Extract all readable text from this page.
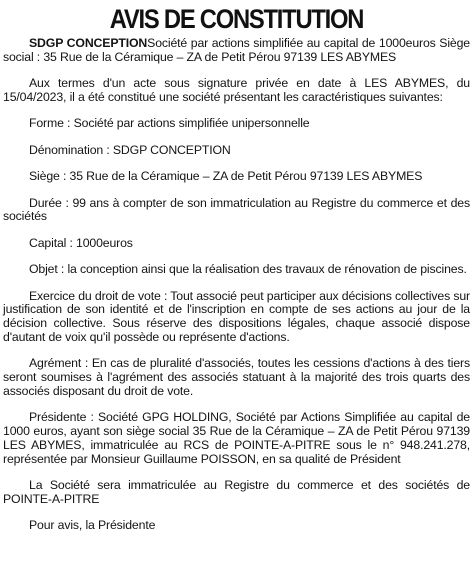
AVIS DE CONSTITUTION

SDGP CONCEPTIONSociété par actions simplifiée au capital de 1000euros Siège social : 35 Rue de la Céramique – ZA de Petit Pérou 97139 LES ABYMES

Aux termes d'un acte sous signature privée en date à LES ABYMES, du 15/04/2023, il a été constitué une société présentant les caractéristiques suivantes:

Forme : Société par actions simplifiée unipersonnelle

Dénomination : SDGP CONCEPTION

Siège : 35 Rue de la Céramique – ZA de Petit Pérou 97139 LES ABYMES

Durée : 99 ans à compter de son immatriculation au Registre du commerce et des sociétés

Capital : 1000euros

Objet : la conception ainsi que la réalisation des travaux de rénovation de piscines.

Exercice du droit de vote : Tout associé peut participer aux décisions collectives sur justification de son identité et de l'inscription en compte de ses actions au jour de la décision collective. Sous réserve des dispositions légales, chaque associé dispose d'autant de voix qu'il possède ou représente d'actions.

Agrément : En cas de pluralité d'associés, toutes les cessions d'actions à des tiers seront soumises à l'agrément des associés statuant à la majorité des trois quarts des associés disposant du droit de vote.

Présidente : Société GPG HOLDING, Société par Actions Simplifiée au capital de 1000 euros, ayant son siège social 35 Rue de la Céramique – ZA de Petit Pérou 97139 LES ABYMES, immatriculée au RCS de POINTE-A-PITRE sous le n° 948.241.278, représentée par Monsieur Guillaume POISSON, en sa qualité de Président

La Société sera immatriculée au Registre du commerce et des sociétés de POINTE-A-PITRE

Pour avis, la Présidente
